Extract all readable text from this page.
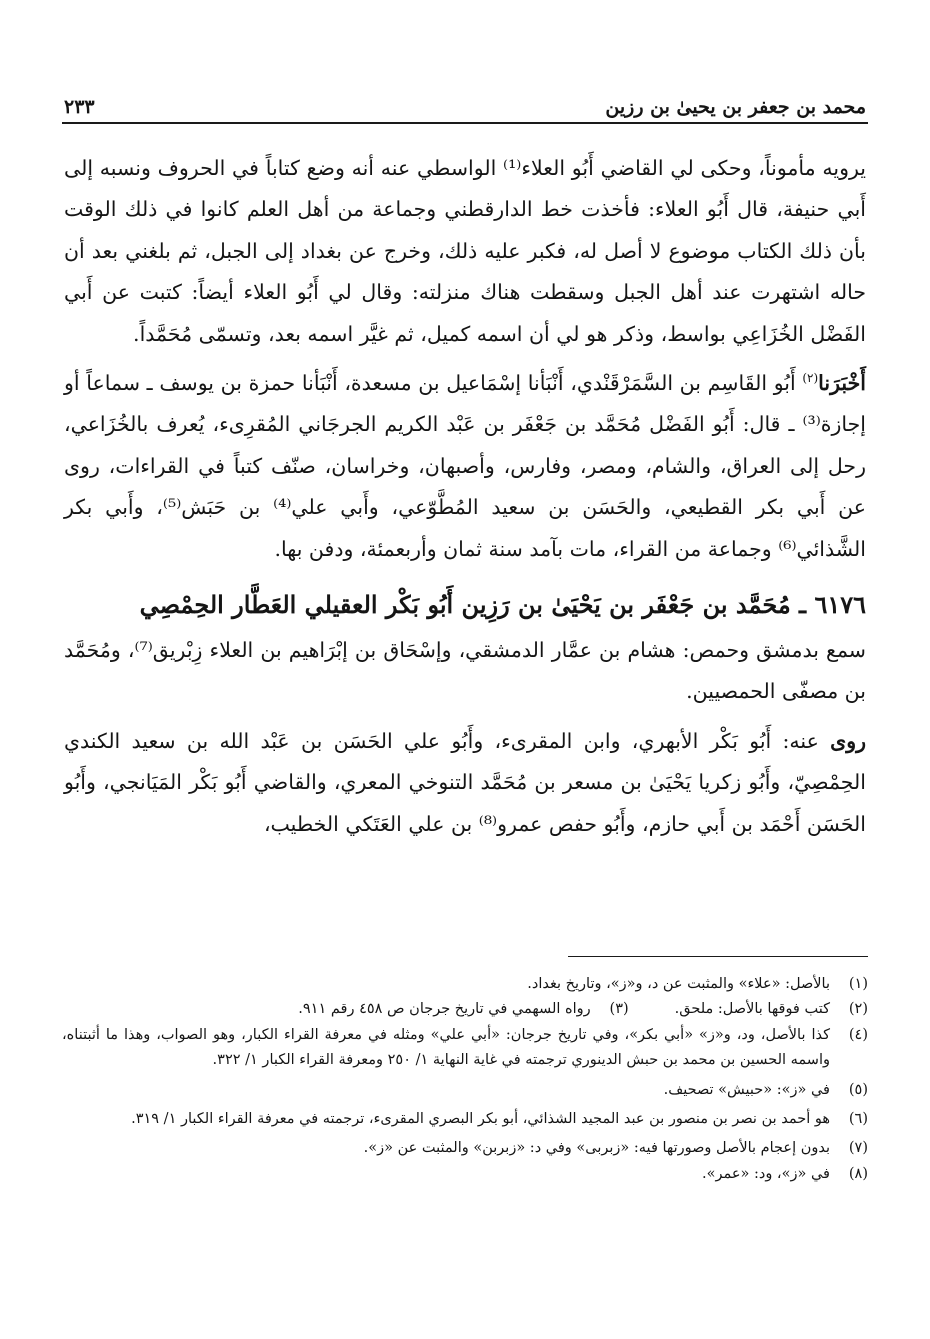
محمد بن جعفر بن يحيىٰ بن رزين
٢٣٣

يرويه مأموناً، وحكى لي القاضي أَبُو العلاء⁽¹⁾ الواسطي عنه أنه وضع كتاباً في الحروف ونسبه إلى أَبي حنيفة، قال أَبُو العلاء: فأخذت خط الدارقطني وجماعة من أهل العلم كانوا في ذلك الوقت بأن ذلك الكتاب موضوع لا أصل له، فكبر عليه ذلك، وخرج عن بغداد إلى الجبل، ثم بلغني بعد أن حاله اشتهرت عند أهل الجبل وسقطت هناك منزلته: وقال لي أَبُو العلاء أيضاً: كتبت عن أَبي الفَضْل الخُزَاعِي بواسط، وذكر هو لي أن اسمه كميل، ثم غيَّر اسمه بعد، وتسمّى مُحَمَّداً.

أَخْبَرَنا$^{(٢)}$ أَبُو القَاسِم بن السَّمَرْقَنْدي، أَنْبَأنا إسْمَاعيل بن مسعدة، أَنْبَأنا حمزة بن يوسف ـ سماعاً أو إجازة⁽³⁾ ـ قال: أَبُو الفَضْل مُحَمَّد بن جَعْفَر بن عَبْد الكريم الجرجَاني المُقرِىء، يُعرف بالخُزَاعي، رحل إلى العراق، والشام، ومصر، وفارس، وأصبهان، وخراسان، صنّف كتباً في القراءات، روى عن أَبي بكر القطيعي، والحَسَن بن سعيد المُطَّوّعي، وأَبي علي⁽⁴⁾ بن حَبَش⁽⁵⁾، وأَبي بكر الشَّذائي⁽⁶⁾ وجماعة من القراء، مات بآمد سنة ثمان وأربعمئة، ودفن بها.

٦١٧٦ ـ مُحَمَّد بن جَعْفَر بن يَحْيَىٰ بن رَزِين أَبُو بَكْر العقيلي العَطَّار الحِمْصِي

سمع بدمشق وحمص: هشام بن عمَّار الدمشقي، وإسْحَاق بن إبْرَاهيم بن العلاء زِبْريق⁽⁷⁾، ومُحَمَّد بن مصفّى الحمصيين.

روى عنه: أَبُو بَكْر الأبهري، وابن المقرىء، وأَبُو علي الحَسَن بن عَبْد الله بن سعيد الكندي الحِمْصِيّ، وأَبُو زكريا يَحْيَىٰ بن مسعر بن مُحَمَّد التنوخي المعري، والقاضي أَبُو بَكْر المَيَانجي، وأَبُو الحَسَن أَحْمَد بن أَبي حازم، وأَبُو حفص عمرو⁽⁸⁾ بن علي العَتَكي الخطيب،

(١)
بالأصل: «علاء» والمثبت عن د، و«ز»، وتاريخ بغداد.
(٢)
كتب فوقها بالأصل: ملحق.
(٣)
رواه السهمي في تاريخ جرجان ص ٤٥٨ رقم ٩١١.
(٤)
كذا بالأصل، ود، و«ز» «أبي بكر»، وفي تاريخ جرجان: «أبي علي» ومثله في معرفة القراء الكبار، وهو الصواب، وهذا ما أثبتناه، واسمه الحسين بن محمد بن حبش الدينوري ترجمته في غاية النهاية ١/ ٢٥٠ ومعرفة القراء الكبار ١/ ٣٢٢.
(٥)
في «ز»: «حبيش» تصحيف.
(٦)
هو أحمد بن نصر بن منصور بن عبد المجيد الشذائي، أبو بكر البصري المقرىء، ترجمته في معرفة القراء الكبار ١/ ٣١٩.
(٧)
بدون إعجام بالأصل وصورتها فيه: «زبربى» وفي د: «زبربن» والمثبت عن «ز».
(٨)
في «ز»، ود: «عمر».
